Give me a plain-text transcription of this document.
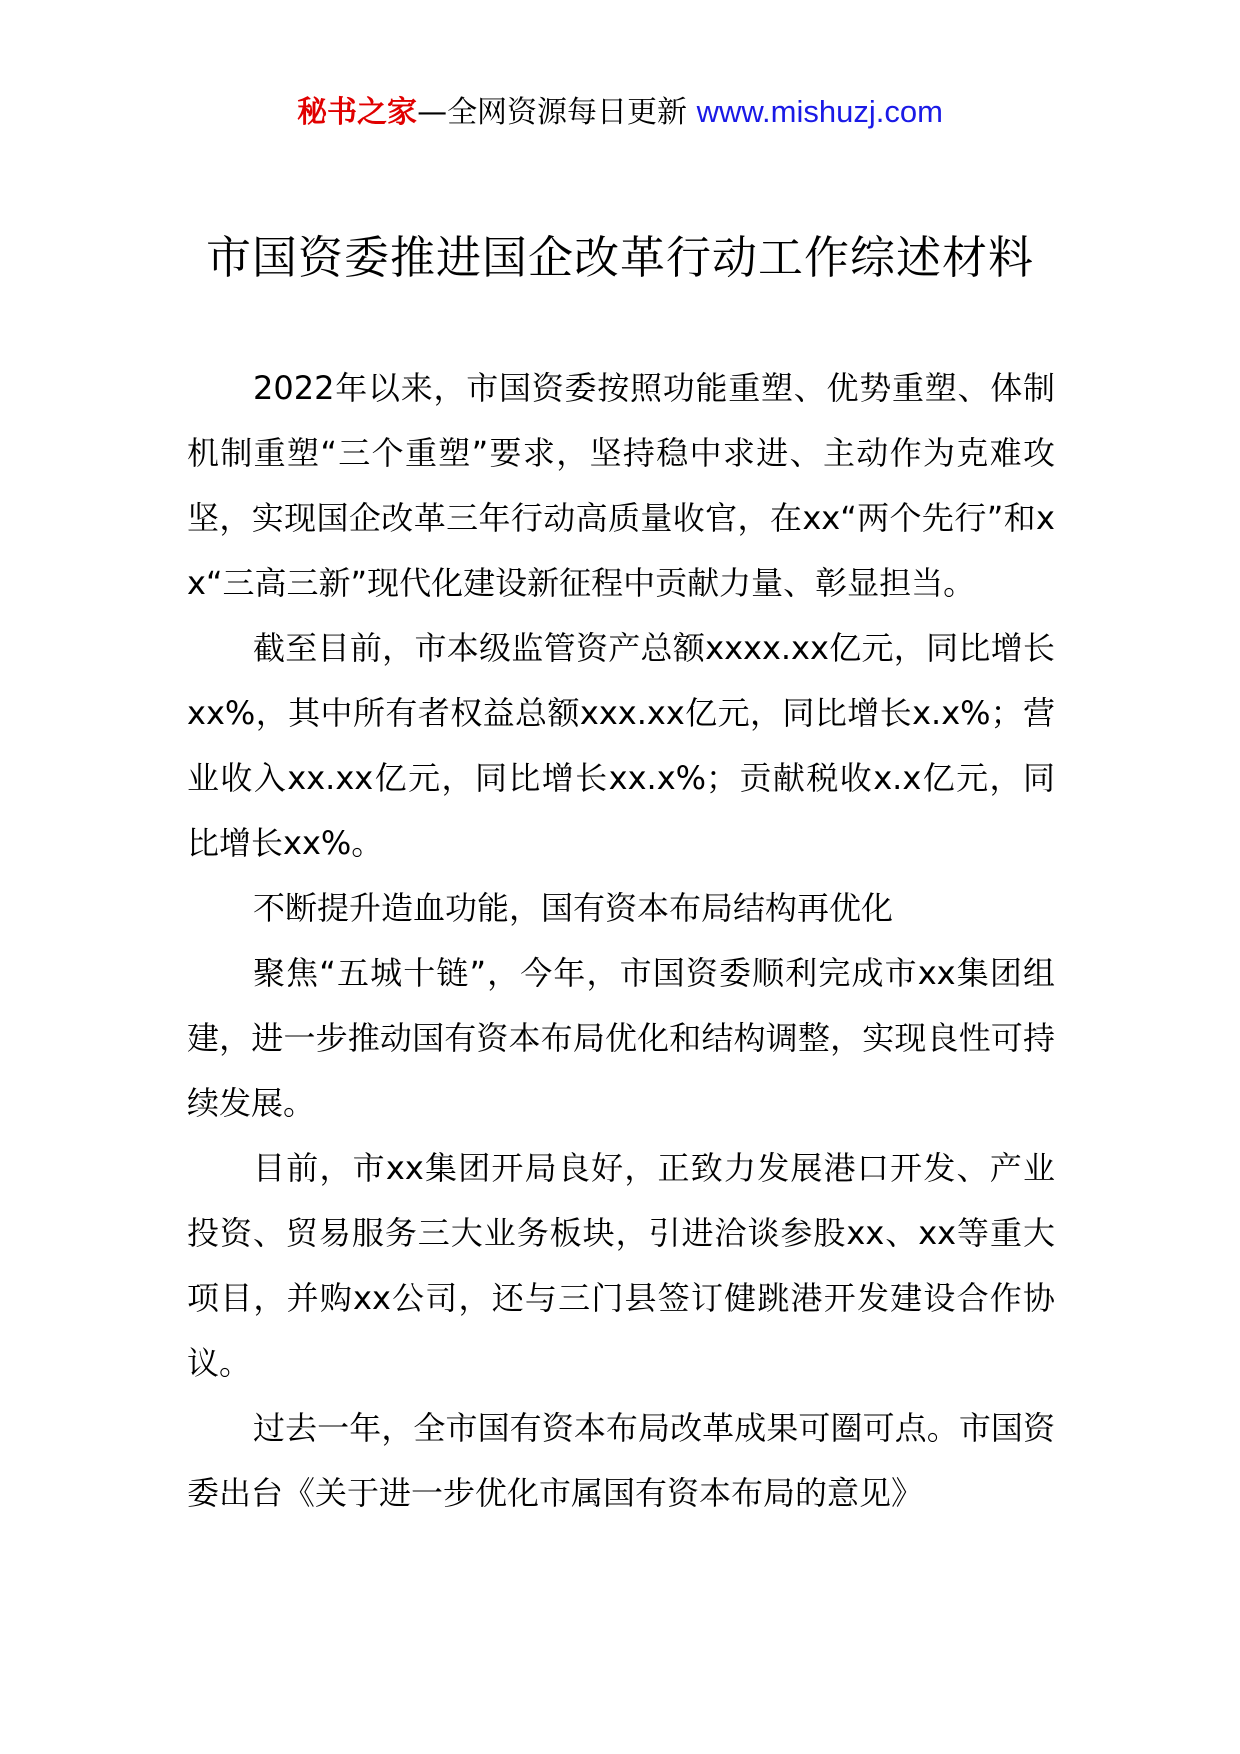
秘书之家—全网资源每日更新 www.mishuzj.com
市国资委推进国企改革行动工作综述材料

2022年以来，市国资委按照功能重塑、优势重塑、体制机制重塑“三个重塑”要求，坚持稳中求进、主动作为克难攻坚，实现国企改革三年行动高质量收官，在xx“两个先行”和xx“三高三新”现代化建设新征程中贡献力量、彰显担当。

截至目前，市本级监管资产总额xxxx.xx亿元，同比增长xx%，其中所有者权益总额xxx.xx亿元，同比增长x.x%；营业收入xx.xx亿元，同比增长xx.x%；贡献税收x.x亿元，同比增长xx%。

不断提升造血功能，国有资本布局结构再优化

聚焦“五城十链”，今年，市国资委顺利完成市xx集团组建，进一步推动国有资本布局优化和结构调整，实现良性可持续发展。

目前，市xx集团开局良好，正致力发展港口开发、产业投资、贸易服务三大业务板块，引进洽谈参股xx、xx等重大项目，并购xx公司，还与三门县签订健跳港开发建设合作协议。

过去一年，全市国有资本布局改革成果可圈可点。市国资委出台《关于进一步优化市属国有资本布局的意见》
